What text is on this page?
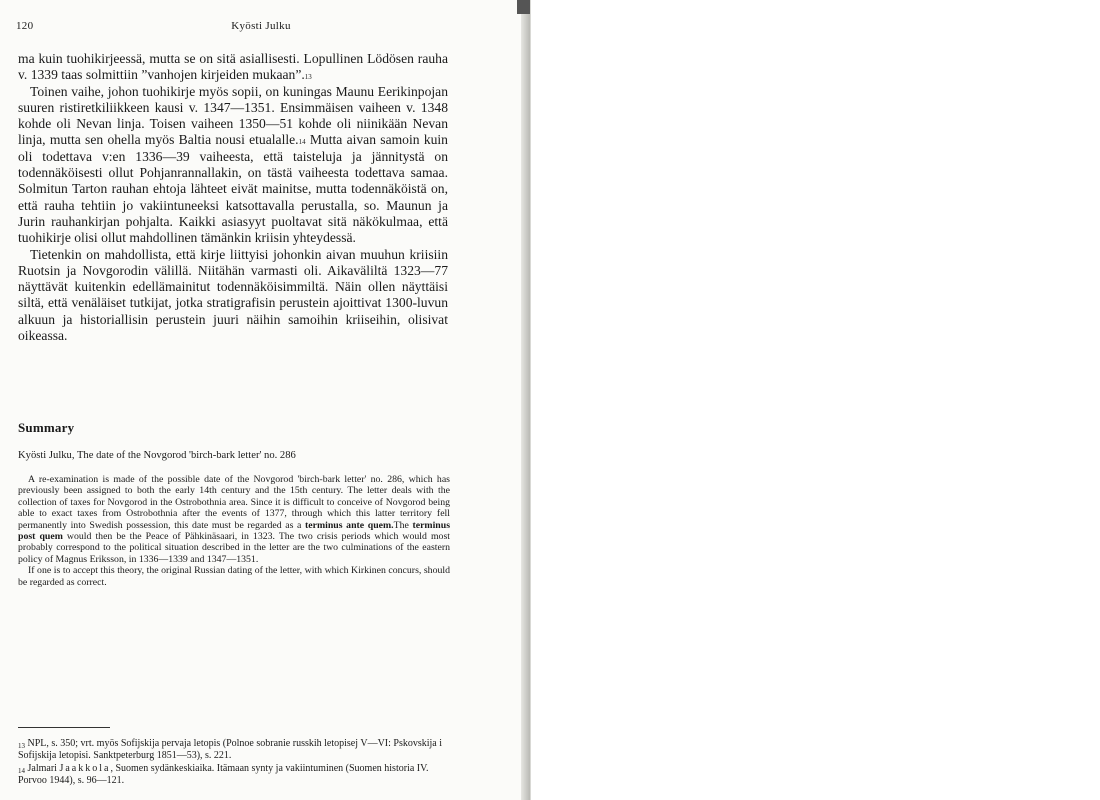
120	Kyösti Julku

ma kuin tuohikirjeessä, mutta se on sitä asiallisesti. Lopullinen Lödösen rauha v. 1339 taas solmittiin ”vanhojen kirjeiden mukaan”.$^{13}$

Toinen vaihe, johon tuohikirje myös sopii, on kuningas Maunu Eerikinpojan suuren ristiretkiliikkeen kausi v. 1347—1351. Ensimmäisen vaiheen v. 1348 kohde oli Nevan linja. Toisen vaiheen 1350—51 kohde oli niinikään Nevan linja, mutta sen ohella myös Baltia nousi etualalle.$^{14}$ Mutta aivan samoin kuin oli todettava v:en 1336—39 vaiheesta, että taisteluja ja jännitystä on todennäköisesti ollut Pohjanrannallakin, on tästä vaiheesta todettava samaa. Solmitun Tarton rauhan ehtoja lähteet eivät mainitse, mutta todennäköistä on, että rauha tehtiin jo vakiintuneeksi katsottavalla perustalla, so. Maunun ja Jurin rauhankirjan pohjalta. Kaikki asiasyyt puoltavat sitä näkökulmaa, että tuohikirje olisi ollut mahdollinen tämänkin kriisin yhteydessä.

Tietenkin on mahdollista, että kirje liittyisi johonkin aivan muuhun kriisiin Ruotsin ja Novgorodin välillä. Niitähän varmasti oli. Aikaväliltä 1323—77 näyttävät kuitenkin edellämainitut todennäköisimmiltä. Näin ollen näyttäisi siltä, että venäläiset tutkijat, jotka stratigrafisin perustein ajoittivat 1300-luvun alkuun ja historiallisin perustein juuri näihin samoihin kriiseihin, olisivat oikeassa.

Summary
Kyösti Julku, The date of the Novgorod 'birch-bark letter' no. 286

A re-examination is made of the possible date of the Novgorod 'birch-bark letter' no. 286, which has previously been assigned to both the early 14th century and the 15th century. The letter deals with the collection of taxes for Novgorod in the Ostrobothnia area. Since it is difficult to conceive of Novgorod being able to exact taxes from Ostrobothnia after the events of 1377, through which this latter territory fell permanently into Swedish possession, this date must be regarded as a terminus ante quem.The terminus post quem would then be the Peace of Pähkinäsaari, in 1323. The two crisis periods which would most probably correspond to the political situation described in the letter are the two culminations of the eastern policy of Magnus Eriksson, in 1336—1339 and 1347—1351.

If one is to accept this theory, the original Russian dating of the letter, with which Kirkinen concurs, should be regarded as correct.

$^{13}$ NPL, s. 350; vrt. myös Sofijskija pervaja letopis (Polnoe sobranie russkih letopisej V—VI: Pskovskija i Sofijskija letopisi. Sanktpeterburg 1851—53), s. 221.

$^{14}$ Jalmari Jaakkola, Suomen sydänkeskiaika. Itämaan synty ja vakiintuminen (Suomen historia IV. Porvoo 1944), s. 96—121.
